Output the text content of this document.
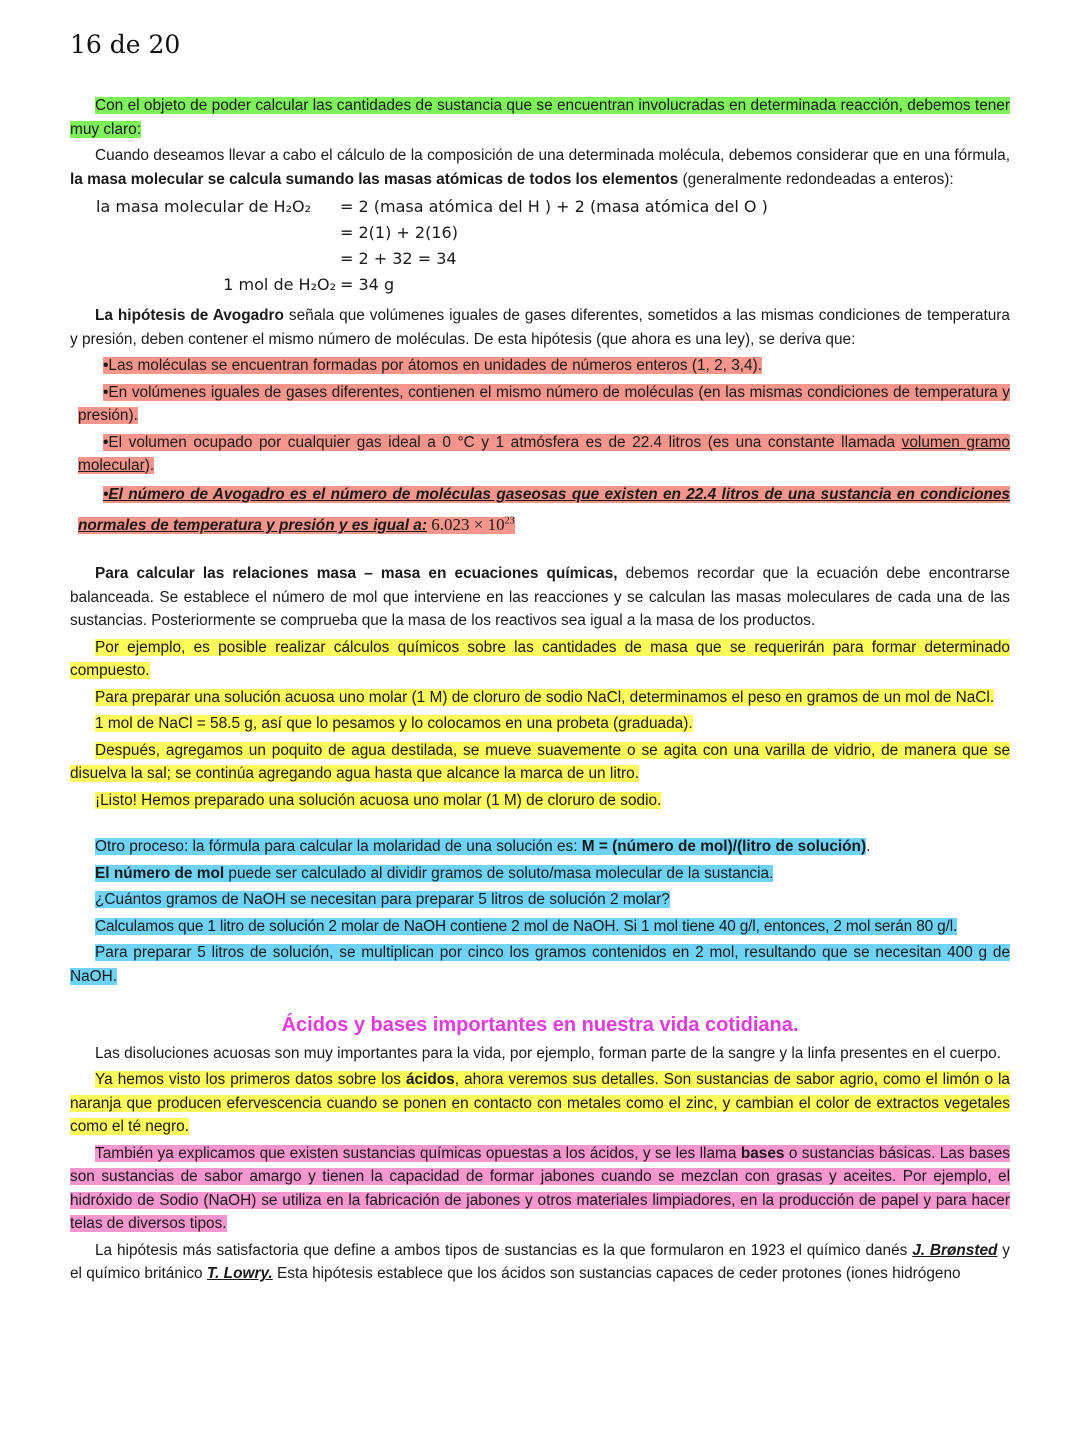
16 de 20

Con el objeto de poder calcular las cantidades de sustancia que se encuentran involucradas en determinada reacción, debemos tener muy claro:

Cuando deseamos llevar a cabo el cálculo de la composición de una determinada molécula, debemos considerar que en una fórmula, la masa molecular se calcula sumando las masas atómicas de todos los elementos (generalmente redondeadas a enteros):

la masa molecular de H₂O₂	= 2 (masa atómica del H ) + 2 (masa atómica del O )
= 2(1) + 2(16)
= 2 + 32 = 34
1 mol de H₂O₂ = 34 g

La hipótesis de Avogadro señala que volúmenes iguales de gases diferentes, sometidos a las mismas condiciones de temperatura y presión, deben contener el mismo número de moléculas. De esta hipótesis (que ahora es una ley), se deriva que:

•Las moléculas se encuentran formadas por átomos en unidades de números enteros (1, 2, 3,4).

•En volúmenes iguales de gases diferentes, contienen el mismo número de moléculas (en las mismas condiciones de temperatura y presión).

•El volumen ocupado por cualquier gas ideal a 0 °C y 1 atmósfera es de 22.4 litros (es una constante llamada volumen gramo molecular).

•El número de Avogadro es el número de moléculas gaseosas que existen en 22.4 litros de una sustancia en condiciones normales de temperatura y presión y es igual a: $6.023 \times 10^{23}$

Para calcular las relaciones masa – masa en ecuaciones químicas, debemos recordar que la ecuación debe encontrarse balanceada. Se establece el número de mol que interviene en las reacciones y se calculan las masas moleculares de cada una de las sustancias. Posteriormente se comprueba que la masa de los reactivos sea igual a la masa de los productos.

Por ejemplo, es posible realizar cálculos químicos sobre las cantidades de masa que se requerirán para formar determinado compuesto.

Para preparar una solución acuosa uno molar (1 M) de cloruro de sodio NaCl, determinamos el peso en gramos de un mol de NaCl.

1 mol de NaCl = 58.5 g, así que lo pesamos y lo colocamos en una probeta (graduada).

Después, agregamos un poquito de agua destilada, se mueve suavemente o se agita con una varilla de vidrio, de manera que se disuelva la sal; se continúa agregando agua hasta que alcance la marca de un litro.

¡Listo! Hemos preparado una solución acuosa uno molar (1 M) de cloruro de sodio.

Otro proceso: la fórmula para calcular la molaridad de una solución es: M = (número de mol)/(litro de solución).

El número de mol puede ser calculado al dividir gramos de soluto/masa molecular de la sustancia.

¿Cuántos gramos de NaOH se necesitan para preparar 5 litros de solución 2 molar?

Calculamos que 1 litro de solución 2 molar de NaOH contiene 2 mol de NaOH. Si 1 mol tiene 40 g/l, entonces, 2 mol serán 80 g/l.

Para preparar 5 litros de solución, se multiplican por cinco los gramos contenidos en 2 mol, resultando que se necesitan 400 g de NaOH.

Ácidos y bases importantes en nuestra vida cotidiana.

Las disoluciones acuosas son muy importantes para la vida, por ejemplo, forman parte de la sangre y la linfa presentes en el cuerpo.

Ya hemos visto los primeros datos sobre los ácidos, ahora veremos sus detalles. Son sustancias de sabor agrio, como el limón o la naranja que producen efervescencia cuando se ponen en contacto con metales como el zinc, y cambian el color de extractos vegetales como el té negro.

También ya explicamos que existen sustancias químicas opuestas a los ácidos, y se les llama bases o sustancias básicas. Las bases son sustancias de sabor amargo y tienen la capacidad de formar jabones cuando se mezclan con grasas y aceites. Por ejemplo, el hidróxido de Sodio (NaOH) se utiliza en la fabricación de jabones y otros materiales limpiadores, en la producción de papel y para hacer telas de diversos tipos.

La hipótesis más satisfactoria que define a ambos tipos de sustancias es la que formularon en 1923 el químico danés J. Brønsted y el químico británico T. Lowry. Esta hipótesis establece que los ácidos son sustancias capaces de ceder protones (iones hidrógeno
